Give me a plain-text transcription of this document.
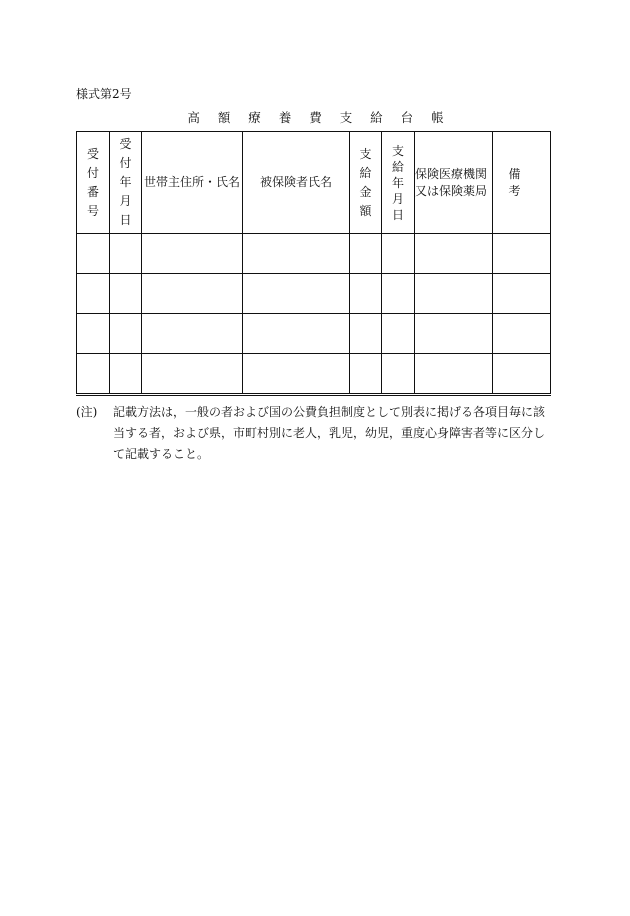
様式第2号
高 額 療 養 費 支 給 台 帳
受付番号	受付年月日	世帯主住所・氏名	被保険者氏名	支給金額	支給年月日	保険医療機関又は保険薬局	備 考

(注) 記載方法は，一般の者および国の公費負担制度として別表に掲げる各項目毎に該当する者，および県，市町村別に老人，乳児，幼児，重度心身障害者等に区分して記載すること。
